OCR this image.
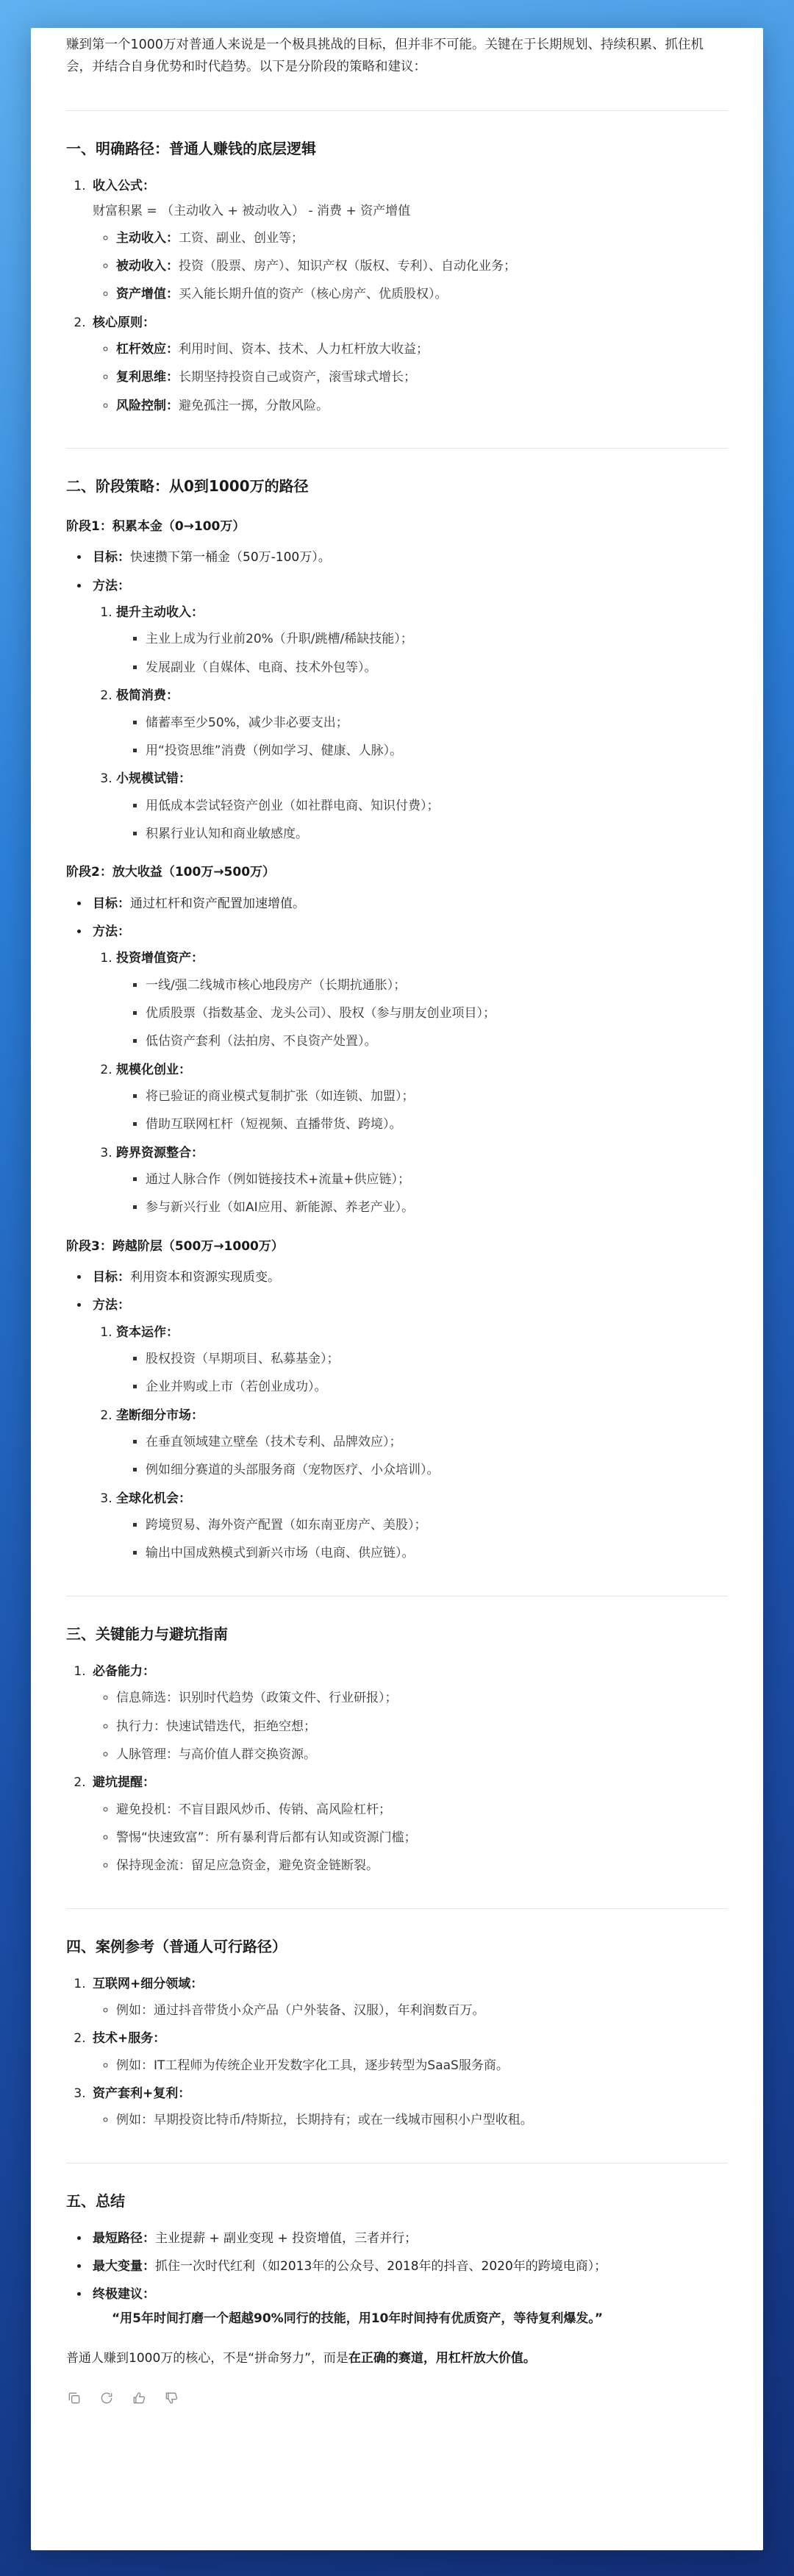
赚到第一个1000万对普通人来说是一个极具挑战的目标，但并非不可能。关键在于长期规划、持续积累、抓住机会，并结合自身优势和时代趋势。以下是分阶段的策略和建议：

一、明确路径：普通人赚钱的底层逻辑
1. 收入公式：
财富积累 = （主动收入 + 被动收入） - 消费 + 资产增值
◦ 主动收入：工资、副业、创业等；
◦ 被动收入：投资（股票、房产）、知识产权（版权、专利）、自动化业务；
◦ 资产增值：买入能长期升值的资产（核心房产、优质股权）。
2. 核心原则：
◦ 杠杆效应：利用时间、资本、技术、人力杠杆放大收益；
◦ 复利思维：长期坚持投资自己或资产，滚雪球式增长；
◦ 风险控制：避免孤注一掷，分散风险。
二、阶段策略：从0到1000万的路径
阶段1：积累本金（0→100万）
• 目标：快速攒下第一桶金（50万-100万）。
• 方法：
1. 提升主动收入：
▪ 主业上成为行业前20%（升职/跳槽/稀缺技能）；
▪ 发展副业（自媒体、电商、技术外包等）。
2. 极简消费：
▪ 储蓄率至少50%，减少非必要支出；
▪ 用“投资思维”消费（例如学习、健康、人脉）。
3. 小规模试错：
▪ 用低成本尝试轻资产创业（如社群电商、知识付费）；
▪ 积累行业认知和商业敏感度。
阶段2：放大收益（100万→500万）
• 目标：通过杠杆和资产配置加速增值。
• 方法：
1. 投资增值资产：
▪ 一线/强二线城市核心地段房产（长期抗通胀）；
▪ 优质股票（指数基金、龙头公司）、股权（参与朋友创业项目）；
▪ 低估资产套利（法拍房、不良资产处置）。
2. 规模化创业：
▪ 将已验证的商业模式复制扩张（如连锁、加盟）；
▪ 借助互联网杠杆（短视频、直播带货、跨境）。
3. 跨界资源整合：
▪ 通过人脉合作（例如链接技术+流量+供应链）；
▪ 参与新兴行业（如AI应用、新能源、养老产业）。
阶段3：跨越阶层（500万→1000万）
• 目标：利用资本和资源实现质变。
• 方法：
1. 资本运作：
▪ 股权投资（早期项目、私募基金）；
▪ 企业并购或上市（若创业成功）。
2. 垄断细分市场：
▪ 在垂直领域建立壁垒（技术专利、品牌效应）；
▪ 例如细分赛道的头部服务商（宠物医疗、小众培训）。
3. 全球化机会：
▪ 跨境贸易、海外资产配置（如东南亚房产、美股）；
▪ 输出中国成熟模式到新兴市场（电商、供应链）。
三、关键能力与避坑指南
1. 必备能力：
◦ 信息筛选：识别时代趋势（政策文件、行业研报）；
◦ 执行力：快速试错迭代，拒绝空想；
◦ 人脉管理：与高价值人群交换资源。
2. 避坑提醒：
◦ 避免投机：不盲目跟风炒币、传销、高风险杠杆；
◦ 警惕“快速致富”：所有暴利背后都有认知或资源门槛；
◦ 保持现金流：留足应急资金，避免资金链断裂。
四、案例参考（普通人可行路径）
1. 互联网+细分领域：
◦ 例如：通过抖音带货小众产品（户外装备、汉服），年利润数百万。
2. 技术+服务：
◦ 例如：IT工程师为传统企业开发数字化工具，逐步转型为SaaS服务商。
3. 资产套利+复利：
◦ 例如：早期投资比特币/特斯拉，长期持有；或在一线城市囤积小户型收租。
五、总结
• 最短路径：主业提薪 + 副业变现 + 投资增值，三者并行；
• 最大变量：抓住一次时代红利（如2013年的公众号、2018年的抖音、2020年的跨境电商）；
• 终极建议：
“用5年时间打磨一个超越90%同行的技能，用10年时间持有优质资产，等待复利爆发。”

普通人赚到1000万的核心，不是“拼命努力”，而是在正确的赛道，用杠杆放大价值。
